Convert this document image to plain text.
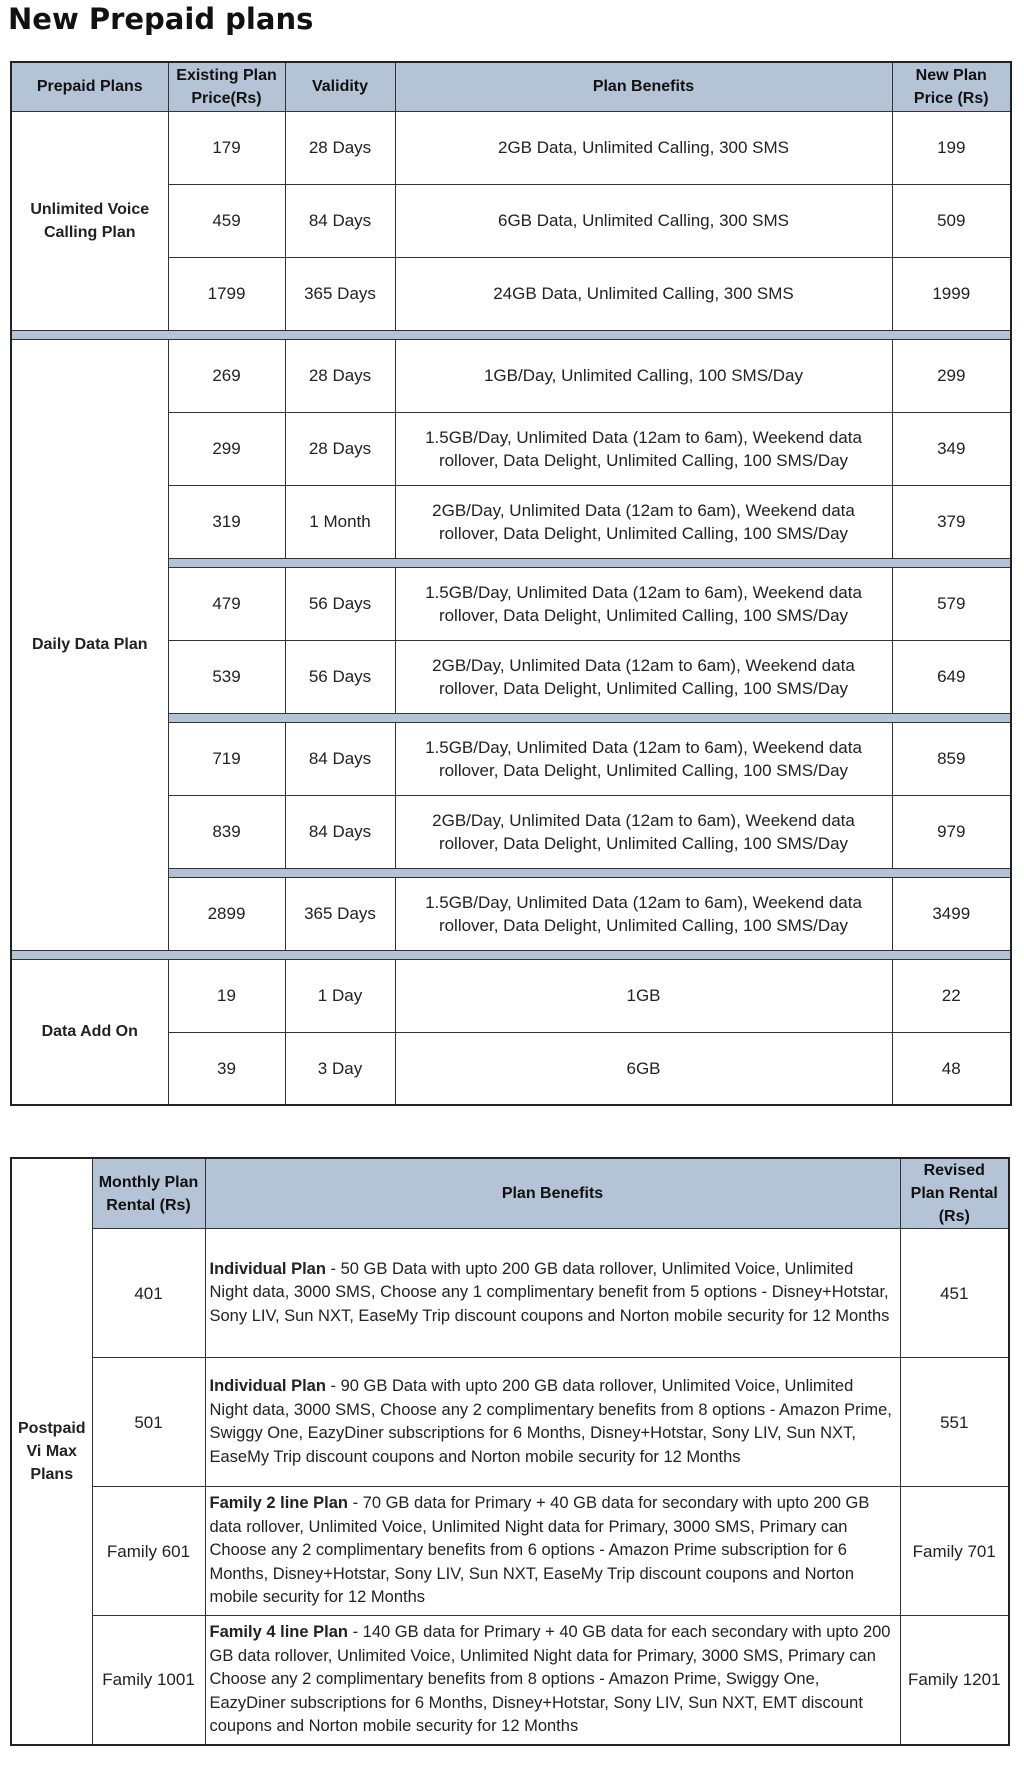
New Prepaid plans
Prepaid Plans	Existing Plan Price(Rs)	Validity	Plan Benefits	New Plan Price (Rs)
Unlimited Voice Calling Plan	179	28 Days	2GB Data, Unlimited Calling, 300 SMS	199
	459	84 Days	6GB Data, Unlimited Calling, 300 SMS	509
	1799	365 Days	24GB Data, Unlimited Calling, 300 SMS	1999

Daily Data Plan	269	28 Days	1GB/Day, Unlimited Calling, 100 SMS/Day	299
	299	28 Days	1.5GB/Day, Unlimited Data (12am to 6am), Weekend data rollover, Data Delight, Unlimited Calling, 100 SMS/Day	349
	319	1 Month	2GB/Day, Unlimited Data (12am to 6am), Weekend data rollover, Data Delight, Unlimited Calling, 100 SMS/Day	379

	479	56 Days	1.5GB/Day, Unlimited Data (12am to 6am), Weekend data rollover, Data Delight, Unlimited Calling, 100 SMS/Day	579
	539	56 Days	2GB/Day, Unlimited Data (12am to 6am), Weekend data rollover, Data Delight, Unlimited Calling, 100 SMS/Day	649

	719	84 Days	1.5GB/Day, Unlimited Data (12am to 6am), Weekend data rollover, Data Delight, Unlimited Calling, 100 SMS/Day	859
	839	84 Days	2GB/Day, Unlimited Data (12am to 6am), Weekend data rollover, Data Delight, Unlimited Calling, 100 SMS/Day	979

	2899	365 Days	1.5GB/Day, Unlimited Data (12am to 6am), Weekend data rollover, Data Delight, Unlimited Calling, 100 SMS/Day	3499

Data Add On	19	1 Day	1GB	22
	39	3 Day	6GB	48
Postpaid Vi Max Plans	Monthly Plan Rental (Rs)	Plan Benefits	Revised Plan Rental (Rs)
	401	Individual Plan - 50 GB Data with upto 200 GB data rollover, Unlimited Voice, Unlimited Night data, 3000 SMS, Choose any 1 complimentary benefit from 5 options - Disney+Hotstar, Sony LIV, Sun NXT, EaseMy Trip discount coupons and Norton mobile security for 12 Months	451
	501	Individual Plan - 90 GB Data with upto 200 GB data rollover, Unlimited Voice, Unlimited Night data, 3000 SMS, Choose any 2 complimentary benefits from 8 options - Amazon Prime, Swiggy One, EazyDiner subscriptions for 6 Months, Disney+Hotstar, Sony LIV, Sun NXT, EaseMy Trip discount coupons and Norton mobile security for 12 Months	551
	Family 601	Family 2 line Plan - 70 GB data for Primary + 40 GB data for secondary with upto 200 GB data rollover, Unlimited Voice, Unlimited Night data for Primary, 3000 SMS, Primary can Choose any 2 complimentary benefits from 6 options - Amazon Prime subscription for 6 Months, Disney+Hotstar, Sony LIV, Sun NXT, EaseMy Trip discount coupons and Norton mobile security for 12 Months	Family 701
	Family 1001	Family 4 line Plan - 140 GB data for Primary + 40 GB data for each secondary with upto 200 GB data rollover, Unlimited Voice, Unlimited Night data for Primary, 3000 SMS, Primary can Choose any 2 complimentary benefits from 8 options - Amazon Prime, Swiggy One, EazyDiner subscriptions for 6 Months, Disney+Hotstar, Sony LIV, Sun NXT, EMT discount coupons and Norton mobile security for 12 Months	Family 1201
